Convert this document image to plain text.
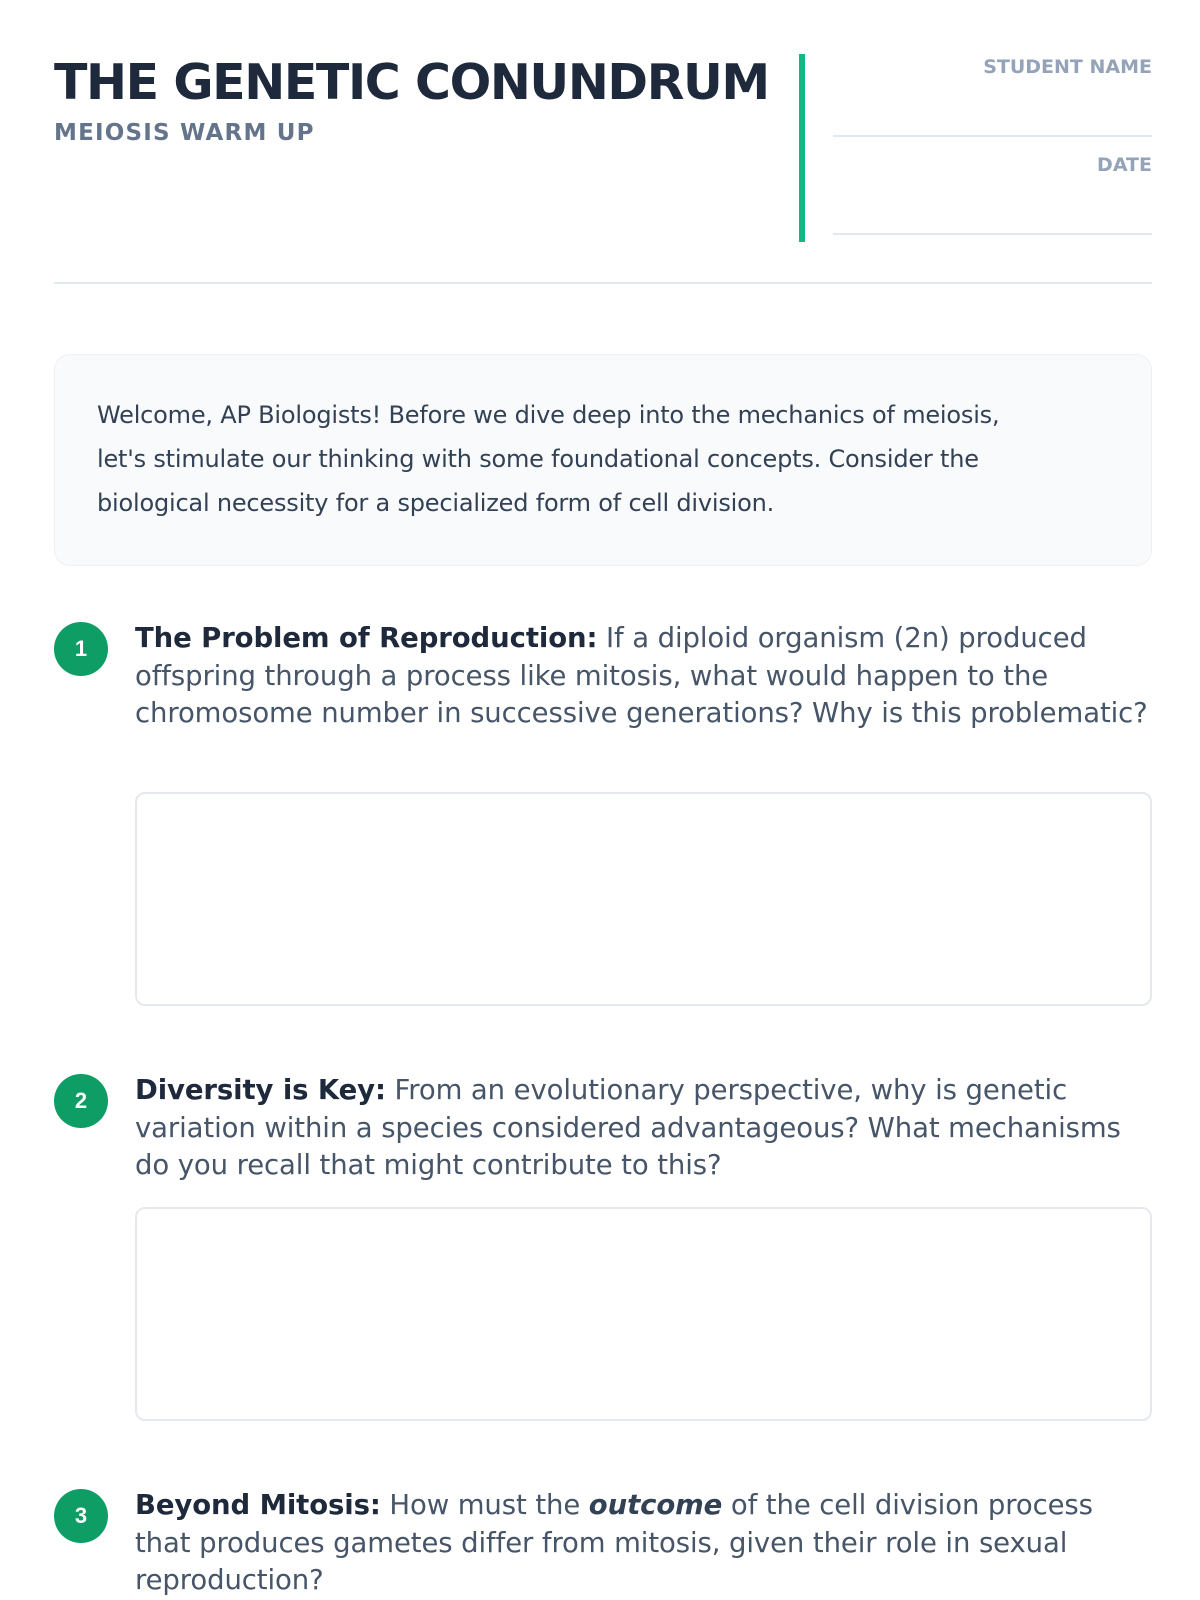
THE GENETIC CONUNDRUM
MEIOSIS WARM UP
STUDENT NAME
DATE
Welcome, AP Biologists! Before we dive deep into the mechanics of meiosis,
let's stimulate our thinking with some foundational concepts. Consider the
biological necessity for a specialized form of cell division.
1	The Problem of Reproduction: If a diploid organism (2n) produced offspring through a process like mitosis, what would happen to the chromosome number in successive generations? Why is this problematic?

2	Diversity is Key: From an evolutionary perspective, why is genetic variation within a species considered advantageous? What mechanisms do you recall that might contribute to this?

3	Beyond Mitosis: How must the outcome of the cell division process that produces gametes differ from mitosis, given their role in sexual reproduction?
